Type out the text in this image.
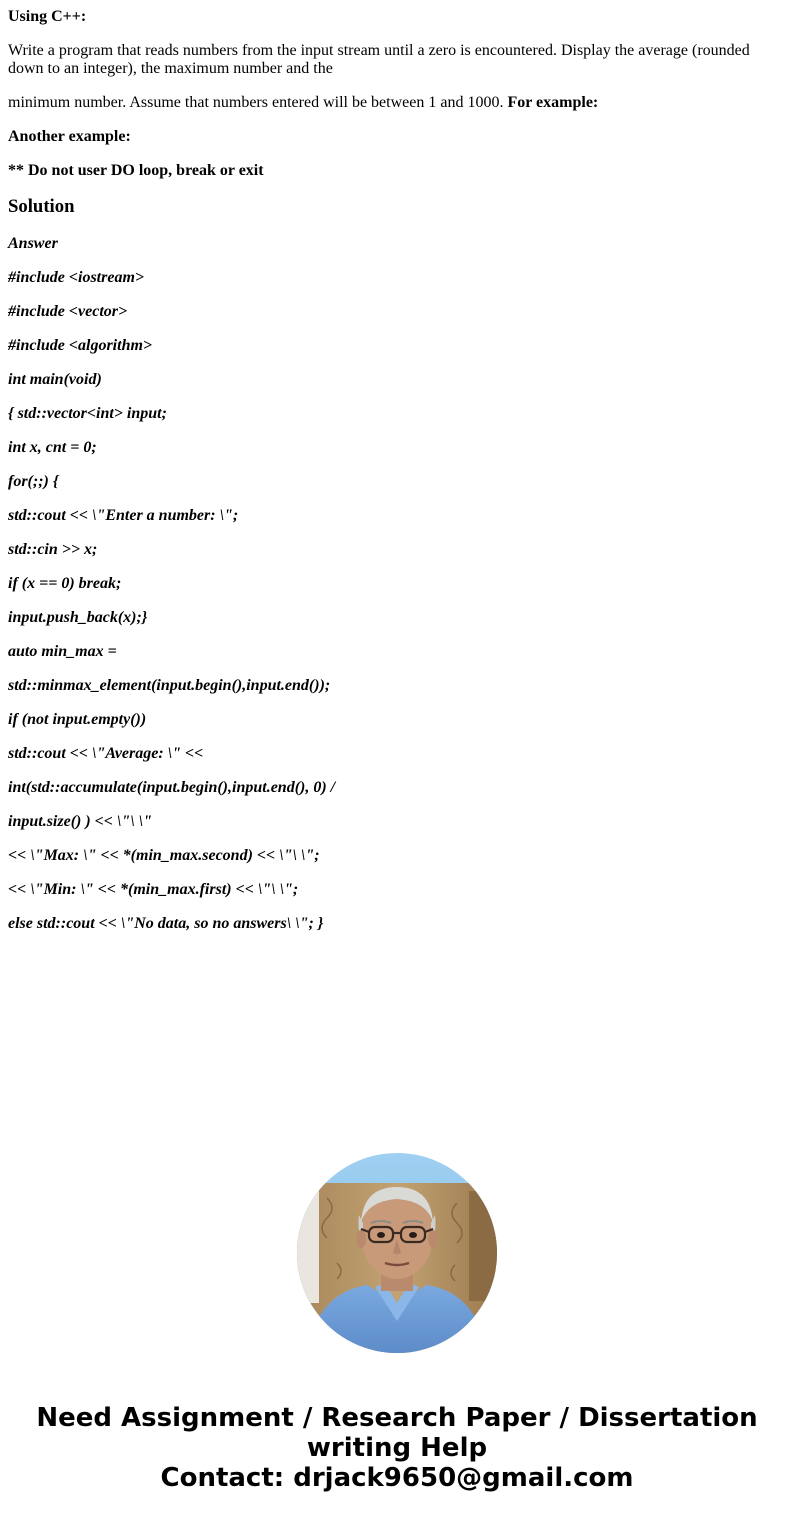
Using C++:

Write a program that reads numbers from the input stream until a zero is encountered. Display the average (rounded down to an integer), the maximum number and the

minimum number. Assume that numbers entered will be between 1 and 1000. For example:

Another example:

** Do not user DO loop, break or exit

Solution

Answer

#include <iostream>

#include <vector>

#include <algorithm>

int main(void)

{ std::vector<int> input;

int x, cnt = 0;

for(;;) {

std::cout << \"Enter a number: \";

std::cin >> x;

if (x == 0) break;

input.push_back(x);}

auto min_max =

std::minmax_element(input.begin(),input.end());

if (not input.empty())

std::cout << \"Average: \" <<

int(std::accumulate(input.begin(),input.end(), 0) /

input.size() ) << \"\ \"

<< \"Max: \" << *(min_max.second) << \"\ \";

<< \"Min: \" << *(min_max.first) << \"\ \";

else std::cout << \"No data, so no answers\ \"; }

Need Assignment / Research Paper / Dissertation
writing Help
Contact: drjack9650@gmail.com
